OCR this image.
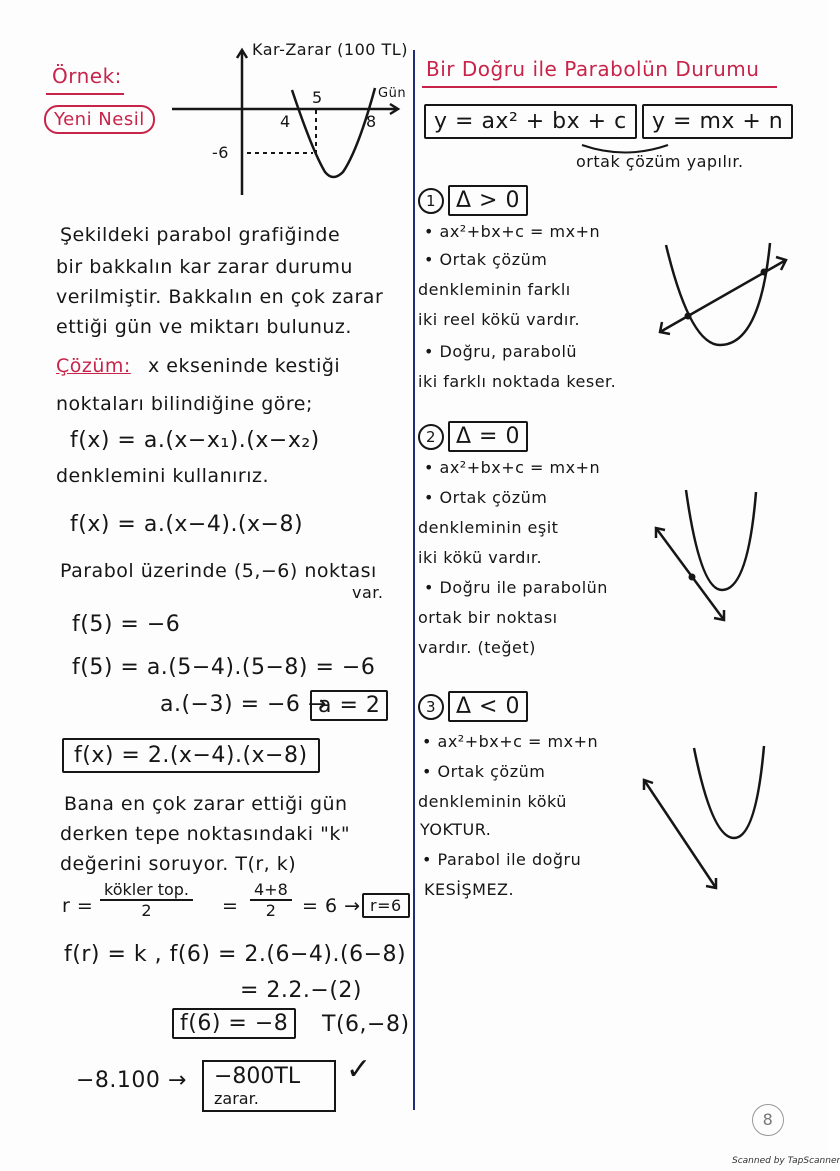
Örnek:
Yeni Nesil
Kar-Zarar (100 TL)
Gün
4
5
8
-6
Şekildeki parabol grafiğinde
bir bakkalın kar zarar durumu
verilmiştir. Bakkalın en çok zarar
ettiği gün ve miktarı bulunuz.
Çözüm: x ekseninde kestiği
noktaları bilindiğine göre;
f(x) = a.(x−x₁).(x−x₂)
denklemini kullanırız.
f(x) = a.(x−4).(x−8)
Parabol üzerinde (5,−6) noktası
var.
f(5) = −6
f(5) = a.(5−4).(5−8) = −6
a.(−3) = −6 →
a = 2
f(x) = 2.(x−4).(x−8)
Bana en çok zarar ettiği gün
derken tepe noktasındaki "k"
değerini soruyor. T(r, k)
r =
kökler top.
2	= $\frac{4+8}{2} = 6 \to r=6$
f(r) = k , f(6) = 2.(6−4).(6−8)
= 2.2.−(2)
f(6) = −8	T(6,−8)
−8.100 → −800TL
zarar.
✓
Bir Doğru ile Parabolün Durumu
y = ax² + bx + c	y = mx + n
ortak çözüm yapılır.
1 Δ > 0
• ax²+bx+c = mx+n
• Ortak çözüm
denkleminin farklı
iki reel kökü vardır.
• Doğru, parabolü
iki farklı noktada keser.
2 Δ = 0
• ax²+bx+c = mx+n
• Ortak çözüm
denkleminin eşit
iki kökü vardır.
• Doğru ile parabolün
ortak bir noktası
vardır. (teğet)
3 Δ < 0
• ax²+bx+c = mx+n
• Ortak çözüm
denkleminin kökü
YOKTUR.
• Parabol ile doğru
KESİŞMEZ.
8
Scanned by TapScanner
